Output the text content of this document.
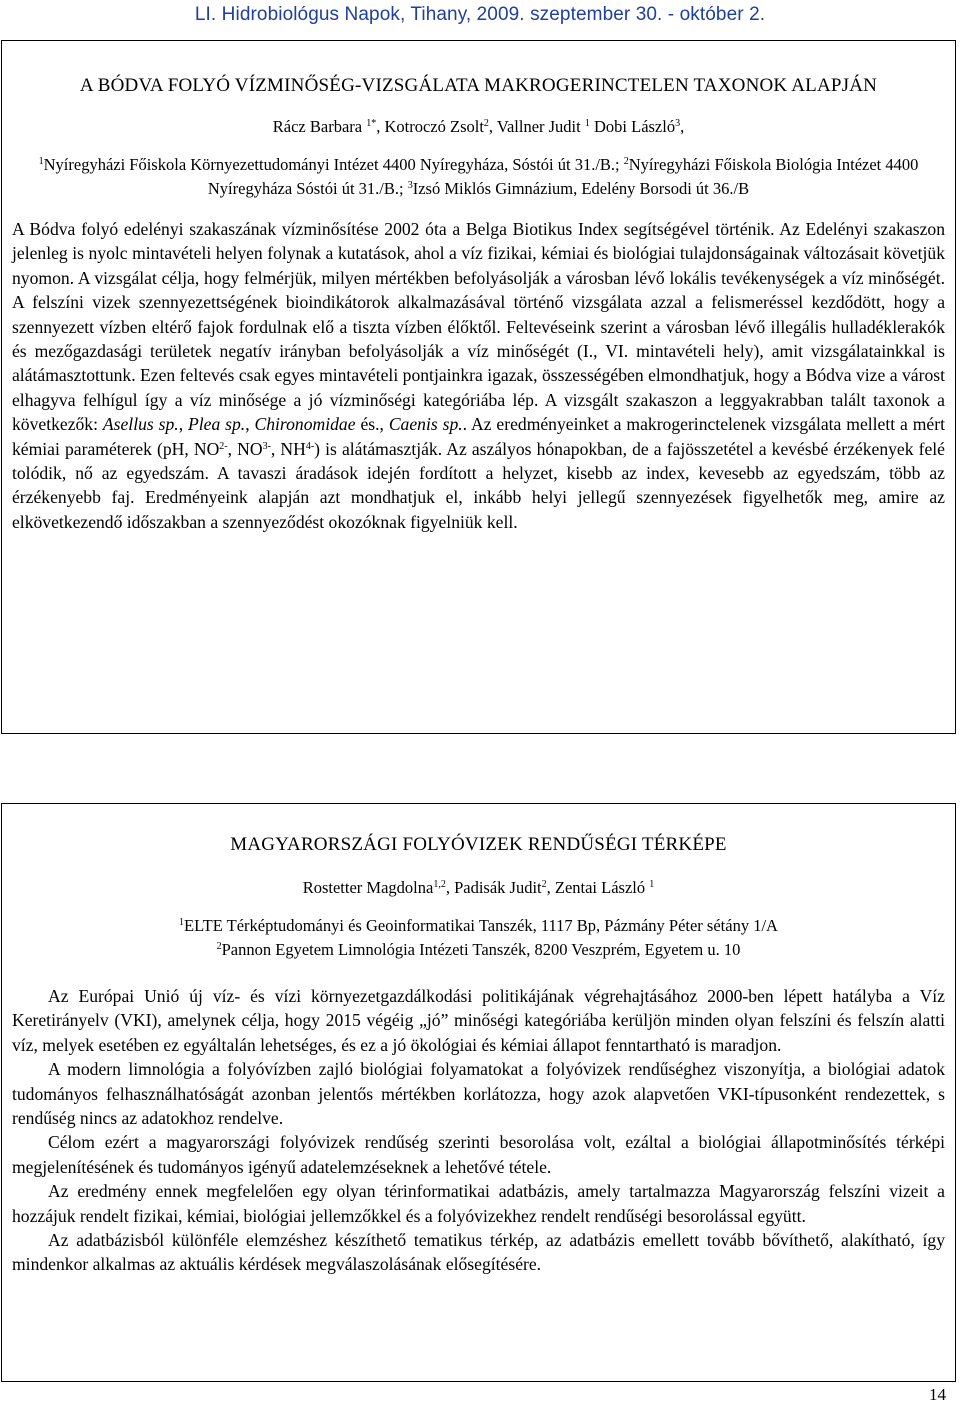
LI. Hidrobiológus Napok, Tihany, 2009. szeptember 30. - október 2.
A BÓDVA FOLYÓ VÍZMINŐSÉG-VIZSGÁLATA MAKROGERINCTELEN TAXONOK ALAPJÁN
Rácz Barbara $^{1*}$, Kotroczó Zsolt$^2$, Vallner Judit $^1$ Dobi László$^3$,
$^1$Nyíregyházi Főiskola Környezettudományi Intézet 4400 Nyíregyháza, Sóstói út 31./B.; $^2$Nyíregyházi Főiskola Biológia Intézet 4400 Nyíregyháza Sóstói út 31./B.; $^3$Izsó Miklós Gimnázium, Edelény Borsodi út 36./B

A Bódva folyó edelényi szakaszának vízminősítése 2002 óta a Belga Biotikus Index segítségével történik. Az Edelényi szakaszon jelenleg is nyolc mintavételi helyen folynak a kutatások, ahol a víz fizikai, kémiai és biológiai tulajdonságainak változásait követjük nyomon. A vizsgálat célja, hogy felmérjük, milyen mértékben befolyásolják a városban lévő lokális tevékenységek a víz minőségét. A felszíni vizek szennyezettségének bioindikátorok alkalmazásával történő vizsgálata azzal a felismeréssel kezdődött, hogy a szennyezett vízben eltérő fajok fordulnak elő a tiszta vízben élőktől. Feltevéseink szerint a városban lévő illegális hulladéklerakók és mezőgazdasági területek negatív irányban befolyásolják a víz minőségét (I., VI. mintavételi hely), amit vizsgálatainkkal is alátámasztottunk. Ezen feltevés csak egyes mintavételi pontjainkra igazak, összességében elmondhatjuk, hogy a Bódva vize a várost elhagyva felhígul így a víz minősége a jó vízminőségi kategóriába lép. A vizsgált szakaszon a leggyakrabban talált taxonok a következők: Asellus sp., Plea sp., Chironomidae és., Caenis sp.. Az eredményeinket a makrogerinctelenek vizsgálata mellett a mért kémiai paraméterek (pH, $NO^{2-}$, $NO^{3-}$, $NH^{4-}$) is alátámasztják. Az aszályos hónapokban, de a fajösszetétel a kevésbé érzékenyek felé tolódik, nő az egyedszám. A tavaszi áradások idején fordított a helyzet, kisebb az index, kevesebb az egyedszám, több az érzékenyebb faj. Eredményeink alapján azt mondhatjuk el, inkább helyi jellegű szennyezések figyelhetők meg, amire az elkövetkezendő időszakban a szennyeződést okozóknak figyelniük kell.

MAGYARORSZÁGI FOLYÓVIZEK RENDŰSÉGI TÉRKÉPE
Rostetter Magdolna$^{1,2}$, Padisák Judit$^2$, Zentai László $^1$
$^1$ELTE Térképtudományi és Geoinformatikai Tanszék, 1117 Bp, Pázmány Péter sétány 1/A
$^2$Pannon Egyetem Limnológia Intézeti Tanszék, 8200 Veszprém, Egyetem u. 10

Az Európai Unió új víz- és vízi környezetgazdálkodási politikájának végrehajtásához 2000-ben lépett hatályba a Víz Keretirányelv (VKI), amelynek célja, hogy 2015 végéig „jó” minőségi kategóriába kerüljön minden olyan felszíni és felszín alatti víz, melyek esetében ez egyáltalán lehetséges, és ez a jó ökológiai és kémiai állapot fenntartható is maradjon.

A modern limnológia a folyóvízben zajló biológiai folyamatokat a folyóvizek rendűséghez viszonyítja, a biológiai adatok tudományos felhasználhatóságát azonban jelentős mértékben korlátozza, hogy azok alapvetően VKI-típusonként rendezettek, s rendűség nincs az adatokhoz rendelve.

Célom ezért a magyarországi folyóvizek rendűség szerinti besorolása volt, ezáltal a biológiai állapotminősítés térképi megjelenítésének és tudományos igényű adatelemzéseknek a lehetővé tétele.

Az eredmény ennek megfelelően egy olyan térinformatikai adatbázis, amely tartalmazza Magyarország felszíni vizeit a hozzájuk rendelt fizikai, kémiai, biológiai jellemzőkkel és a folyóvizekhez rendelt rendűségi besorolással együtt.

Az adatbázisból különféle elemzéshez készíthető tematikus térkép, az adatbázis emellett tovább bővíthető, alakítható, így mindenkor alkalmas az aktuális kérdések megválaszolásának elősegítésére.

14
